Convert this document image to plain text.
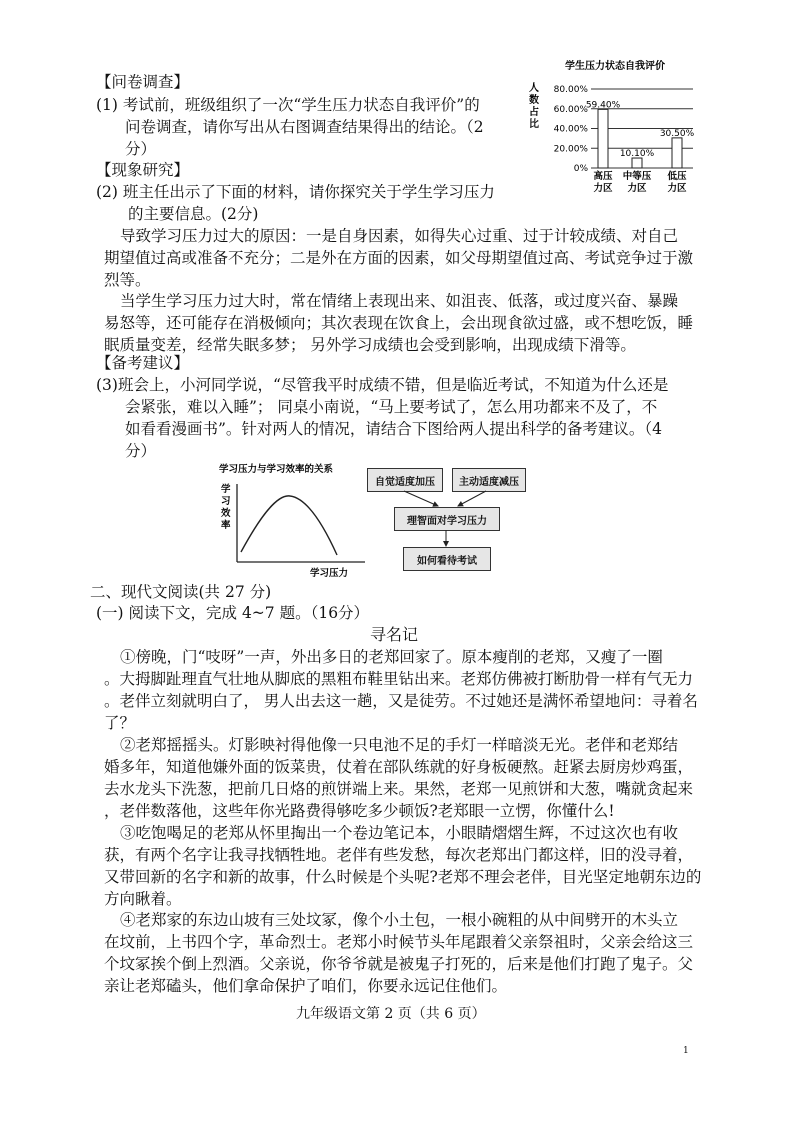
【问卷调查】
(1) 考试前，班级组织了一次“学生压力状态自我评价”的
问卷调查，请你写出从右图调查结果得出的结论。（2
分）
学生压力状态自我评价
人
数
占
比
80.00%
60.00%
40.00%
20.00%
0%
59.40%
10.10%
30.50%
高压
力区
中等压
力区
低压
力区
【现象研究】
(2) 班主任出示了下面的材料，请你探究关于学生学习压力
的主要信息。(2分)
导致学习压力过大的原因：一是自身因素，如得失心过重、过于计较成绩、对自己
期望值过高或准备不充分；二是外在方面的因素，如父母期望值过高、考试竞争过于激
烈等。
当学生学习压力过大时，常在情绪上表现出来、如沮丧、低落，或过度兴奋、暴躁
易怒等，还可能存在消极倾向；其次表现在饮食上，会出现食欲过盛，或不想吃饭，睡
眠质量变差，经常失眠多梦； 另外学习成绩也会受到影响，出现成绩下滑等。
【备考建议】
(3)班会上，小河同学说，“尽管我平时成绩不错，但是临近考试，不知道为什么还是
会紧张，难以入睡”； 同桌小南说，“马上要考试了，怎么用功都来不及了，不
如看看漫画书”。针对两人的情况，请结合下图给两人提出科学的备考建议。（4
分）
学习压力与学习效率的关系
学
习
效
率
学习压力
自觉适度加压	主动适度减压
理智面对学习压力
如何看待考试
二、现代文阅读(共 27 分)
(一) 阅读下文，完成 4~7 题。（16分）
寻名记
①傍晚，门“吱呀”一声，外出多日的老郑回家了。原本瘦削的老郑，又瘦了一圈
。大拇脚趾理直气壮地从脚底的黑粗布鞋里钻出来。老郑仿佛被打断肋骨一样有气无力
。老伴立刻就明白了， 男人出去这一趟，又是徒劳。不过她还是满怀希望地问：寻着名
了？
②老郑摇摇头。灯影映衬得他像一只电池不足的手灯一样暗淡无光。老伴和老郑结
婚多年，知道他嫌外面的饭菜贵，仗着在部队练就的好身板硬熬。赶紧去厨房炒鸡蛋，
去水龙头下洗葱，把前几日烙的煎饼端上来。果然，老郑一见煎饼和大葱，嘴就贪起来
，老伴数落他，这些年你光路费得够吃多少顿饭?老郑眼一立愣，你懂什么!
③吃饱喝足的老郑从怀里掏出一个卷边笔记本，小眼睛熠熠生辉，不过这次也有收
获，有两个名字让我寻找牺牲地。老伴有些发愁，每次老郑出门都这样，旧的没寻着，
又带回新的名字和新的故事，什么时候是个头呢?老郑不理会老伴，目光坚定地朝东边的
方向瞅着。
④老郑家的东边山坡有三处坟冢，像个小土包，一根小碗粗的从中间劈开的木头立
在坟前，上书四个字，革命烈士。老郑小时候节头年尾跟着父亲祭祖时，父亲会给这三
个坟冢挨个倒上烈酒。父亲说，你爷爷就是被鬼子打死的，后来是他们打跑了鬼子。父
亲让老郑磕头，他们拿命保护了咱们，你要永远记住他们。
九年级语文第 2 页（共 6 页）
1
